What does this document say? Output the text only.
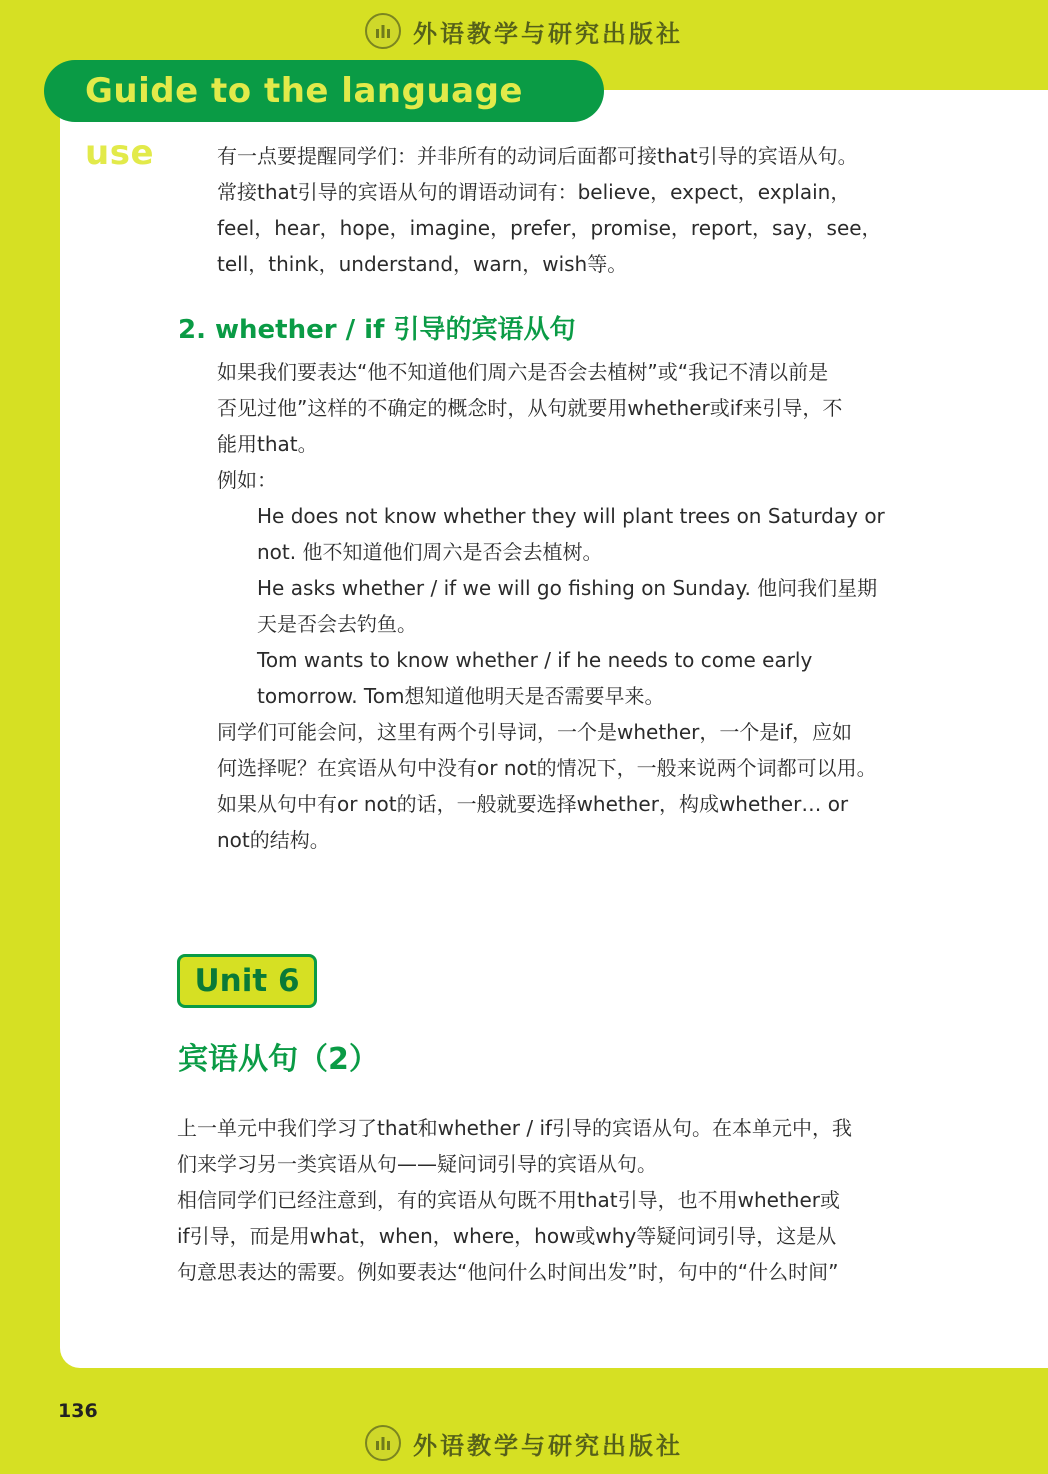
外语教学与研究出版社
Guide to the language use	有一点要提醒同学们：并非所有的动词后面都可接that引导的宾语从句。

常接that引导的宾语从句的谓语动词有：believe，expect，explain，

feel，hear，hope，imagine，prefer，promise，report，say，see，

tell，think，understand，warn，wish等。

2. whether / if 引导的宾语从句

如果我们要表达“他不知道他们周六是否会去植树”或“我记不清以前是

否见过他”这样的不确定的概念时，从句就要用whether或if来引导，不

能用that。

例如：

He does not know whether they will plant trees on Saturday or

not. 他不知道他们周六是否会去植树。

He asks whether / if we will go fishing on Sunday. 他问我们星期

天是否会去钓鱼。

Tom wants to know whether / if he needs to come early

tomorrow. Tom想知道他明天是否需要早来。

同学们可能会问，这里有两个引导词，一个是whether，一个是if，应如

何选择呢？在宾语从句中没有or not的情况下，一般来说两个词都可以用。

如果从句中有or not的话，一般就要选择whether，构成whether… or

not的结构。

Unit 6
宾语从句（2）

上一单元中我们学习了that和whether / if引导的宾语从句。在本单元中，我

们来学习另一类宾语从句——疑问词引导的宾语从句。

相信同学们已经注意到，有的宾语从句既不用that引导，也不用whether或

if引导，而是用what，when，where，how或why等疑问词引导，这是从

句意思表达的需要。例如要表达“他问什么时间出发”时，句中的“什么时间”

136
外语教学与研究出版社
